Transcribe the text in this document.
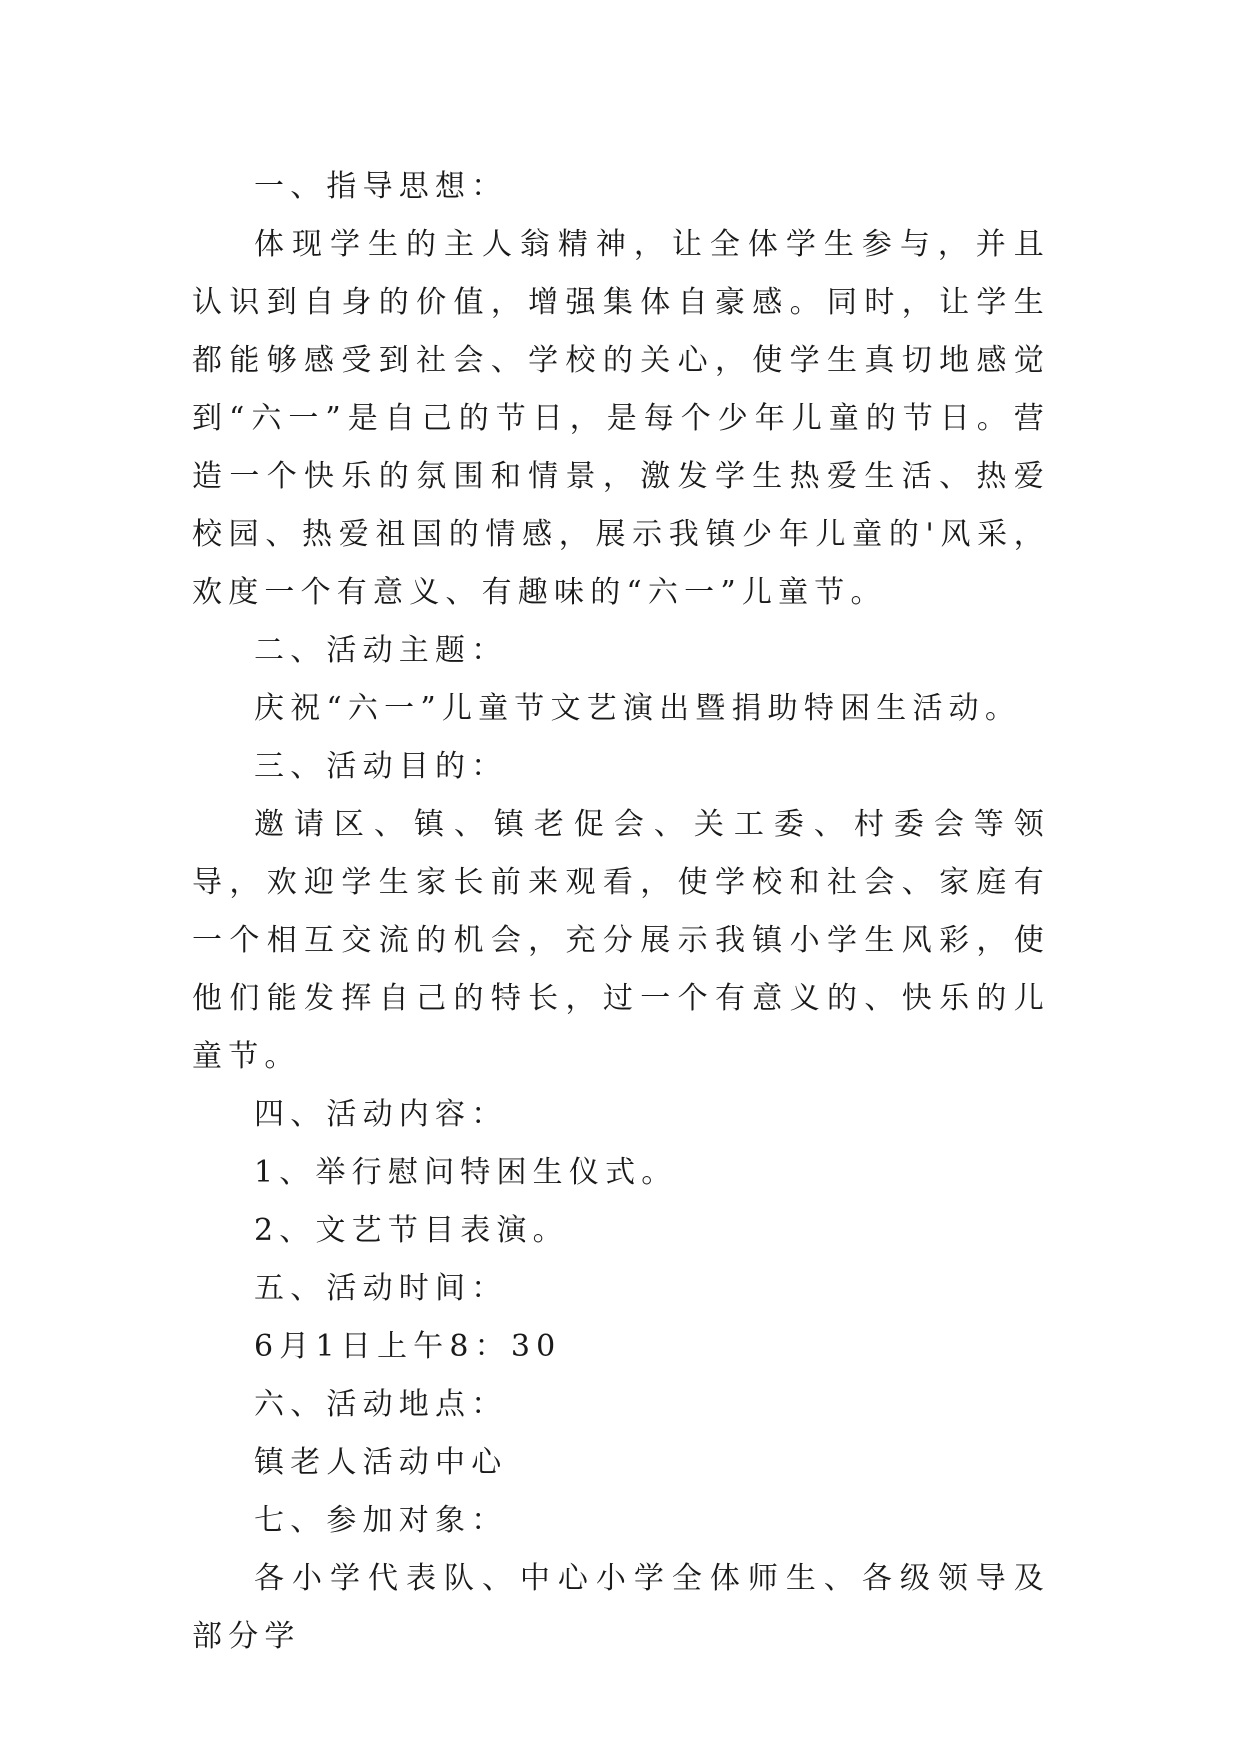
一、指导思想：

体现学生的主人翁精神，让全体学生参与，并且认识到自身的价值，增强集体自豪感。同时，让学生都能够感受到社会、学校的关心，使学生真切地感觉到“六一”是自己的节日，是每个少年儿童的节日。营造一个快乐的氛围和情景，激发学生热爱生活、热爱校园、热爱祖国的情感，展示我镇少年儿童的'风采，欢度一个有意义、有趣味的“六一”儿童节。

二、活动主题：

庆祝“六一”儿童节文艺演出暨捐助特困生活动。

三、活动目的：

邀请区、镇、镇老促会、关工委、村委会等领导，欢迎学生家长前来观看，使学校和社会、家庭有一个相互交流的机会，充分展示我镇小学生风彩，使他们能发挥自己的特长，过一个有意义的、快乐的儿童节。

四、活动内容：

1、举行慰问特困生仪式。

2、文艺节目表演。

五、活动时间：

6月1日上午8：30

六、活动地点：

镇老人活动中心

七、参加对象：

各小学代表队、中心小学全体师生、各级领导及部分学
